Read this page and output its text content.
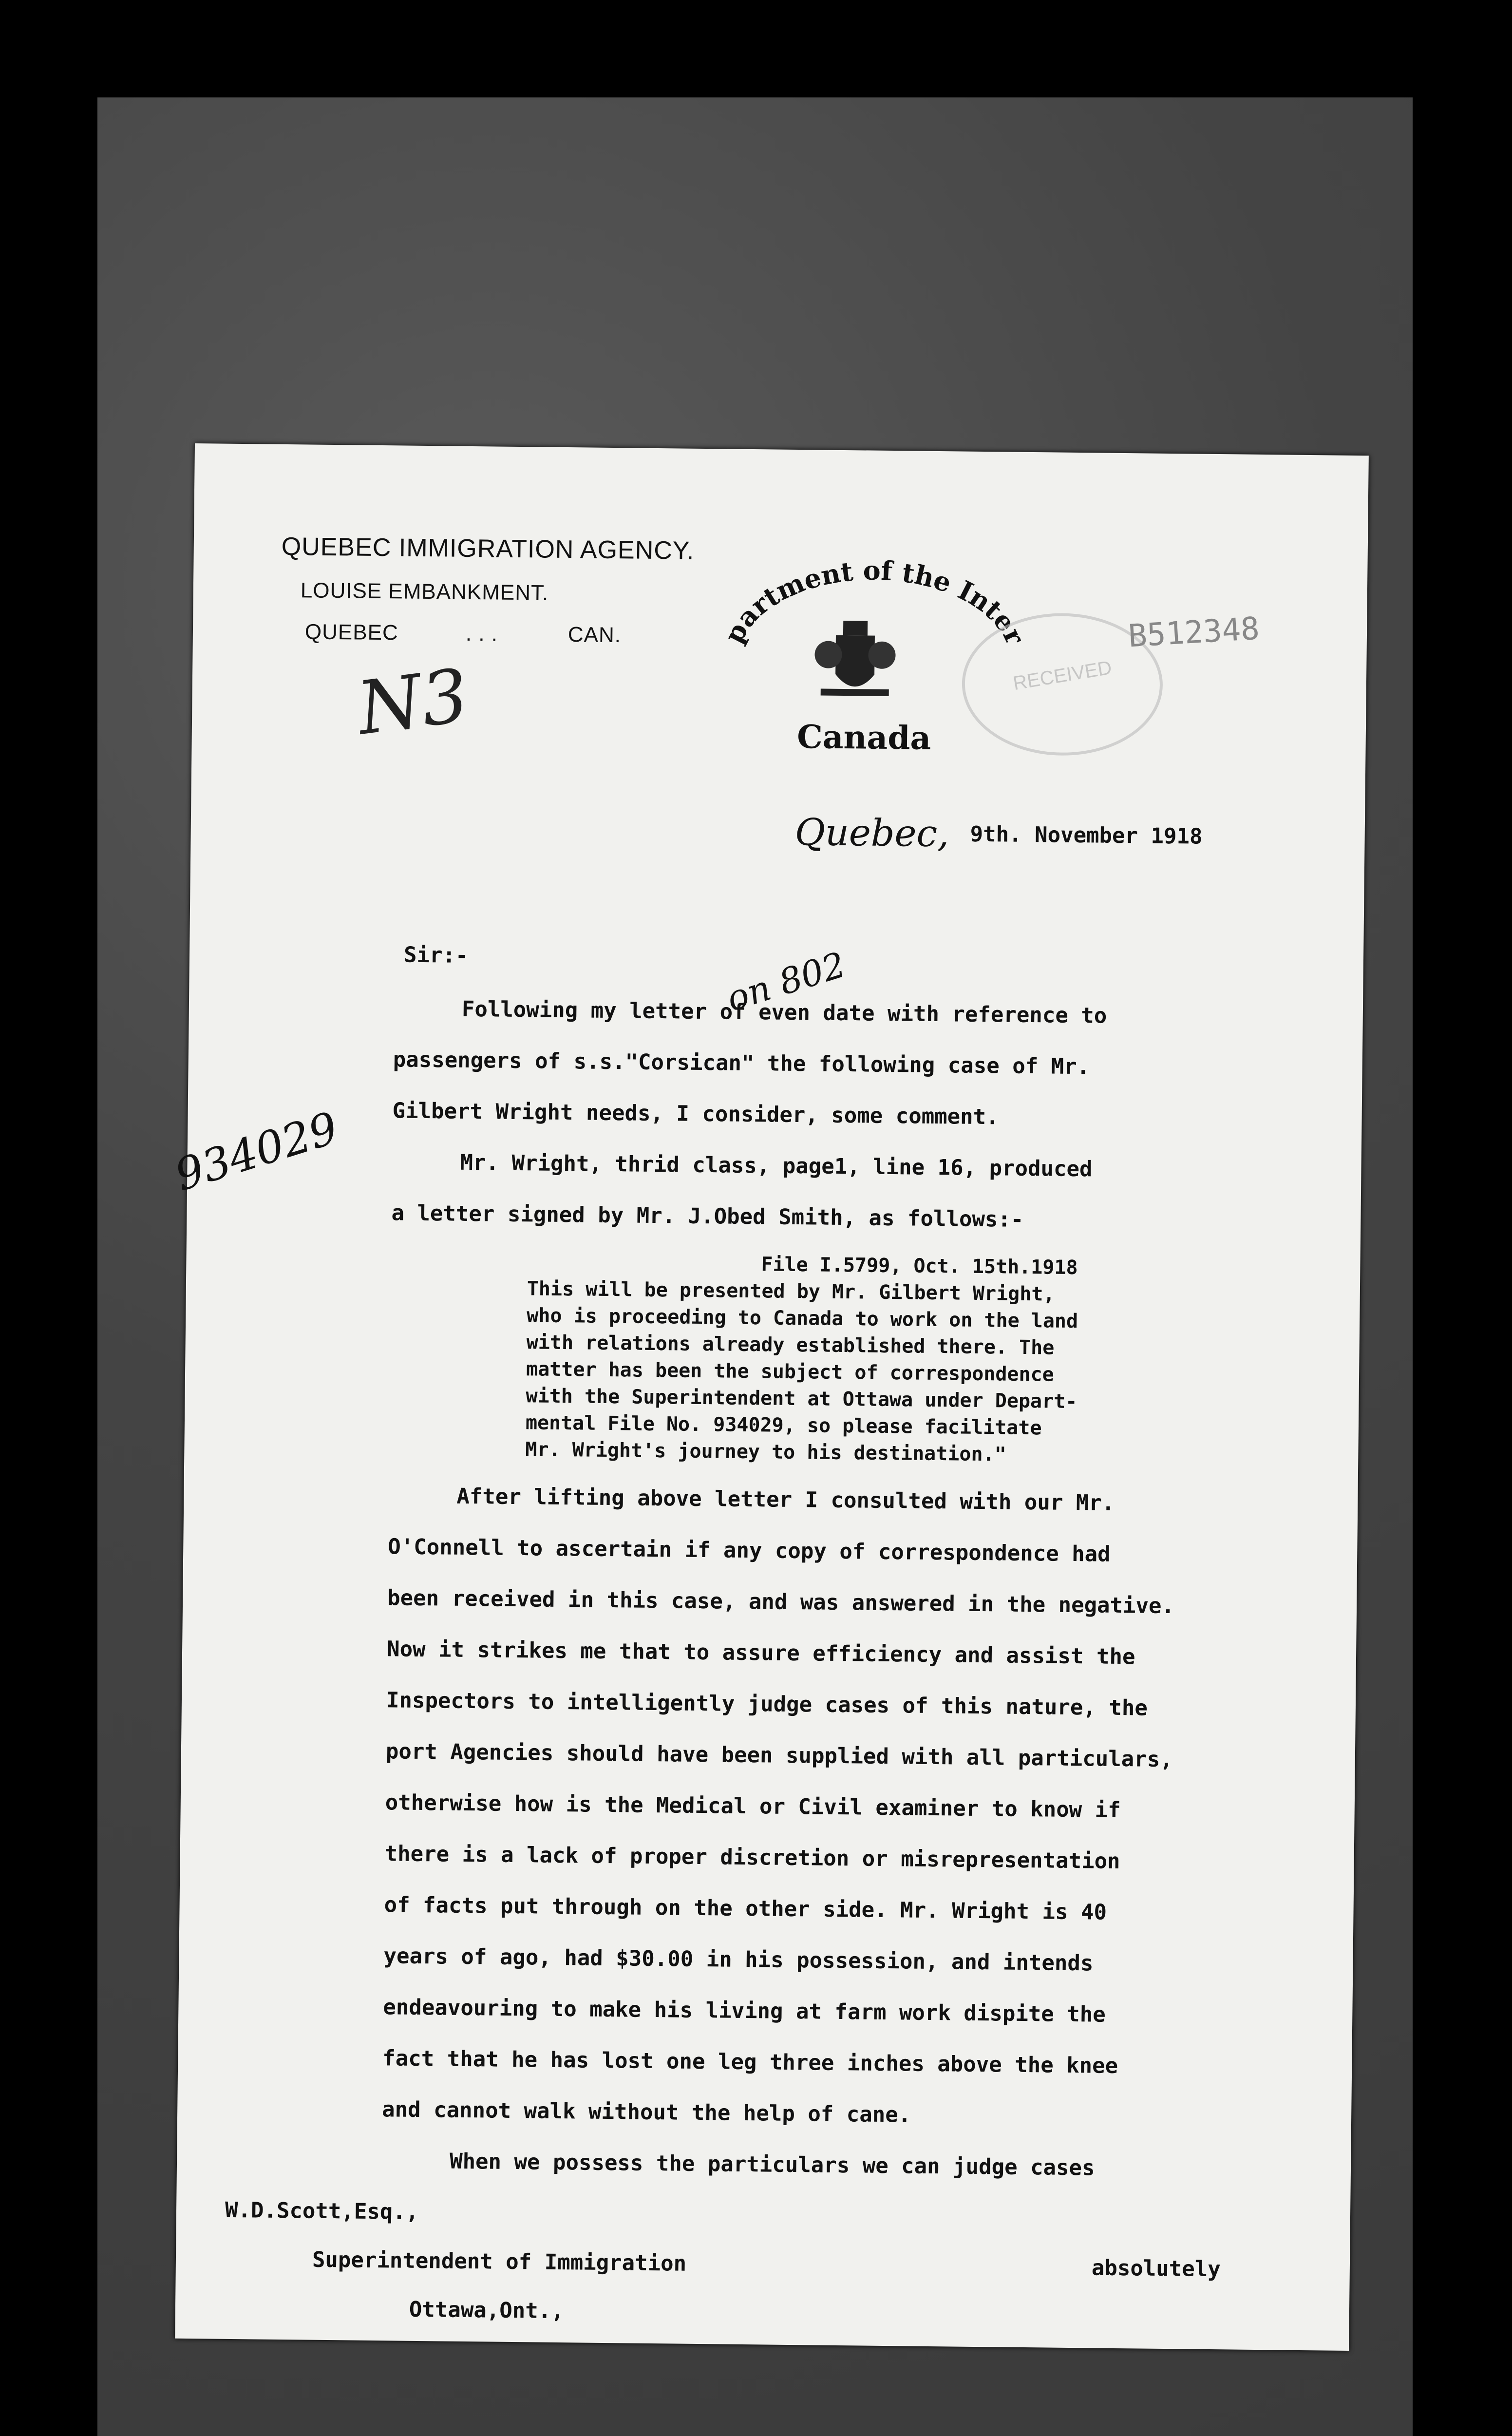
QUEBEC IMMIGRATION AGENCY.
LOUISE EMBANKMENT.
QUEBEC	. . .	CAN.
Department of the Interior
Canada
RECEIVED
B512348
N3
934029
on 802
Quebec, 9th. November 1918
Sir:-
Following my letter of even date with reference to
passengers of s.s."Corsican" the following case of Mr.
Gilbert Wright needs, I consider, some comment.
Mr. Wright, thrid class, page1, line 16, produced
a letter signed by Mr. J.Obed Smith, as follows:-
File I.5799, Oct. 15th.1918
This will be presented by Mr. Gilbert Wright,
who is proceeding to Canada to work on the land
with relations already established there. The
matter has been the subject of correspondence
with the Superintendent at Ottawa under Depart-
mental File No. 934029, so please facilitate
Mr. Wright's journey to his destination."
After lifting above letter I consulted with our Mr.
O'Connell to ascertain if any copy of correspondence had
been received in this case, and was answered in the negative.
Now it strikes me that to assure efficiency and assist the
Inspectors to intelligently judge cases of this nature, the
port Agencies should have been supplied with all particulars,
otherwise how is the Medical or Civil examiner to know if
there is a lack of proper discretion or misrepresentation
of facts put through on the other side. Mr. Wright is 40
years of ago, had $30.00 in his possession, and intends
endeavouring to make his living at farm work dispite the
fact that he has lost one leg three inches above the knee
and cannot walk without the help of cane.
When we possess the particulars we can judge cases
W.D.Scott,Esq.,
Superintendent of Immigration
Ottawa,Ont.,
absolutely
